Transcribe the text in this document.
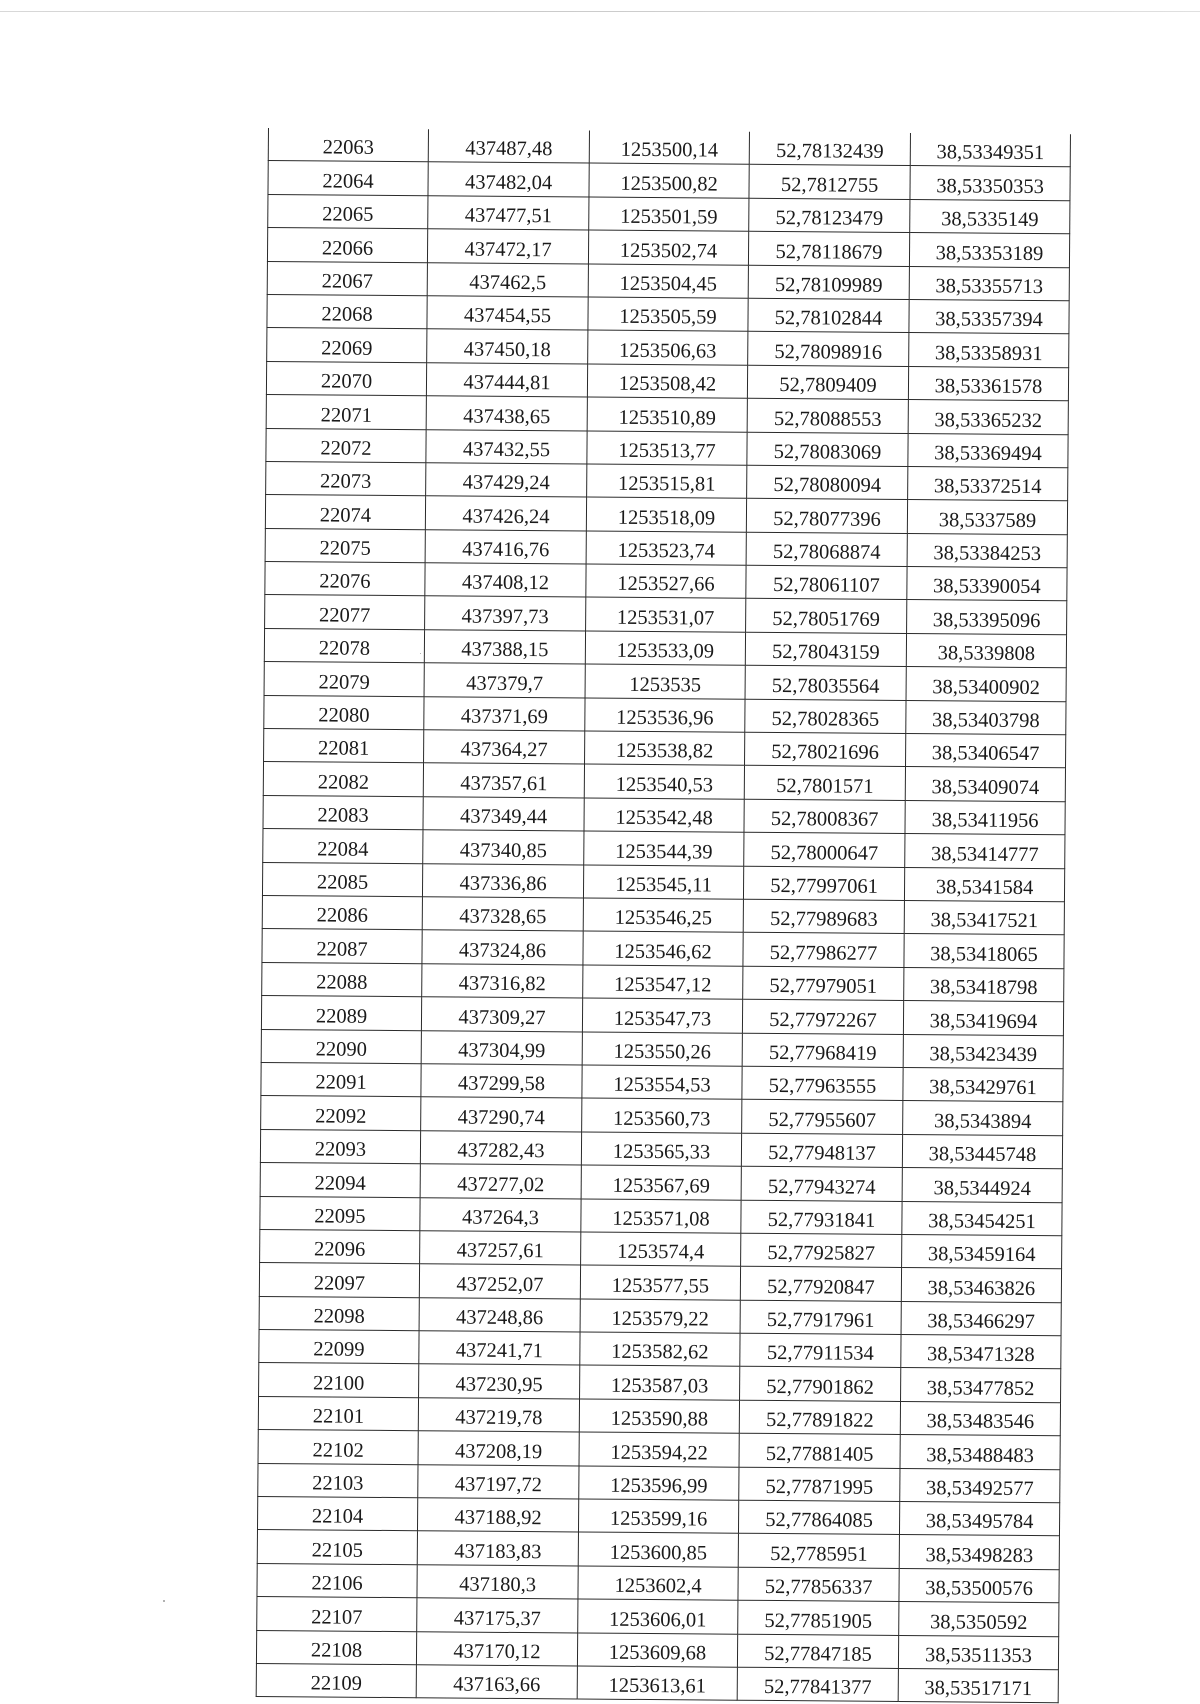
22063	437487,48	1253500,14	52,78132439	38,53349351
22064	437482,04	1253500,82	52,7812755	38,53350353
22065	437477,51	1253501,59	52,78123479	38,5335149
22066	437472,17	1253502,74	52,78118679	38,53353189
22067	437462,5	1253504,45	52,78109989	38,53355713
22068	437454,55	1253505,59	52,78102844	38,53357394
22069	437450,18	1253506,63	52,78098916	38,53358931
22070	437444,81	1253508,42	52,7809409	38,53361578
22071	437438,65	1253510,89	52,78088553	38,53365232
22072	437432,55	1253513,77	52,78083069	38,53369494
22073	437429,24	1253515,81	52,78080094	38,53372514
22074	437426,24	1253518,09	52,78077396	38,5337589
22075	437416,76	1253523,74	52,78068874	38,53384253
22076	437408,12	1253527,66	52,78061107	38,53390054
22077	437397,73	1253531,07	52,78051769	38,53395096
22078	437388,15	1253533,09	52,78043159	38,5339808
22079	437379,7	1253535	52,78035564	38,53400902
22080	437371,69	1253536,96	52,78028365	38,53403798
22081	437364,27	1253538,82	52,78021696	38,53406547
22082	437357,61	1253540,53	52,7801571	38,53409074
22083	437349,44	1253542,48	52,78008367	38,53411956
22084	437340,85	1253544,39	52,78000647	38,53414777
22085	437336,86	1253545,11	52,77997061	38,5341584
22086	437328,65	1253546,25	52,77989683	38,53417521
22087	437324,86	1253546,62	52,77986277	38,53418065
22088	437316,82	1253547,12	52,77979051	38,53418798
22089	437309,27	1253547,73	52,77972267	38,53419694
22090	437304,99	1253550,26	52,77968419	38,53423439
22091	437299,58	1253554,53	52,77963555	38,53429761
22092	437290,74	1253560,73	52,77955607	38,5343894
22093	437282,43	1253565,33	52,77948137	38,53445748
22094	437277,02	1253567,69	52,77943274	38,5344924
22095	437264,3	1253571,08	52,77931841	38,53454251
22096	437257,61	1253574,4	52,77925827	38,53459164
22097	437252,07	1253577,55	52,77920847	38,53463826
22098	437248,86	1253579,22	52,77917961	38,53466297
22099	437241,71	1253582,62	52,77911534	38,53471328
22100	437230,95	1253587,03	52,77901862	38,53477852
22101	437219,78	1253590,88	52,77891822	38,53483546
22102	437208,19	1253594,22	52,77881405	38,53488483
22103	437197,72	1253596,99	52,77871995	38,53492577
22104	437188,92	1253599,16	52,77864085	38,53495784
22105	437183,83	1253600,85	52,7785951	38,53498283
22106	437180,3	1253602,4	52,77856337	38,53500576
22107	437175,37	1253606,01	52,77851905	38,5350592
22108	437170,12	1253609,68	52,77847185	38,53511353
22109	437163,66	1253613,61	52,77841377	38,53517171
